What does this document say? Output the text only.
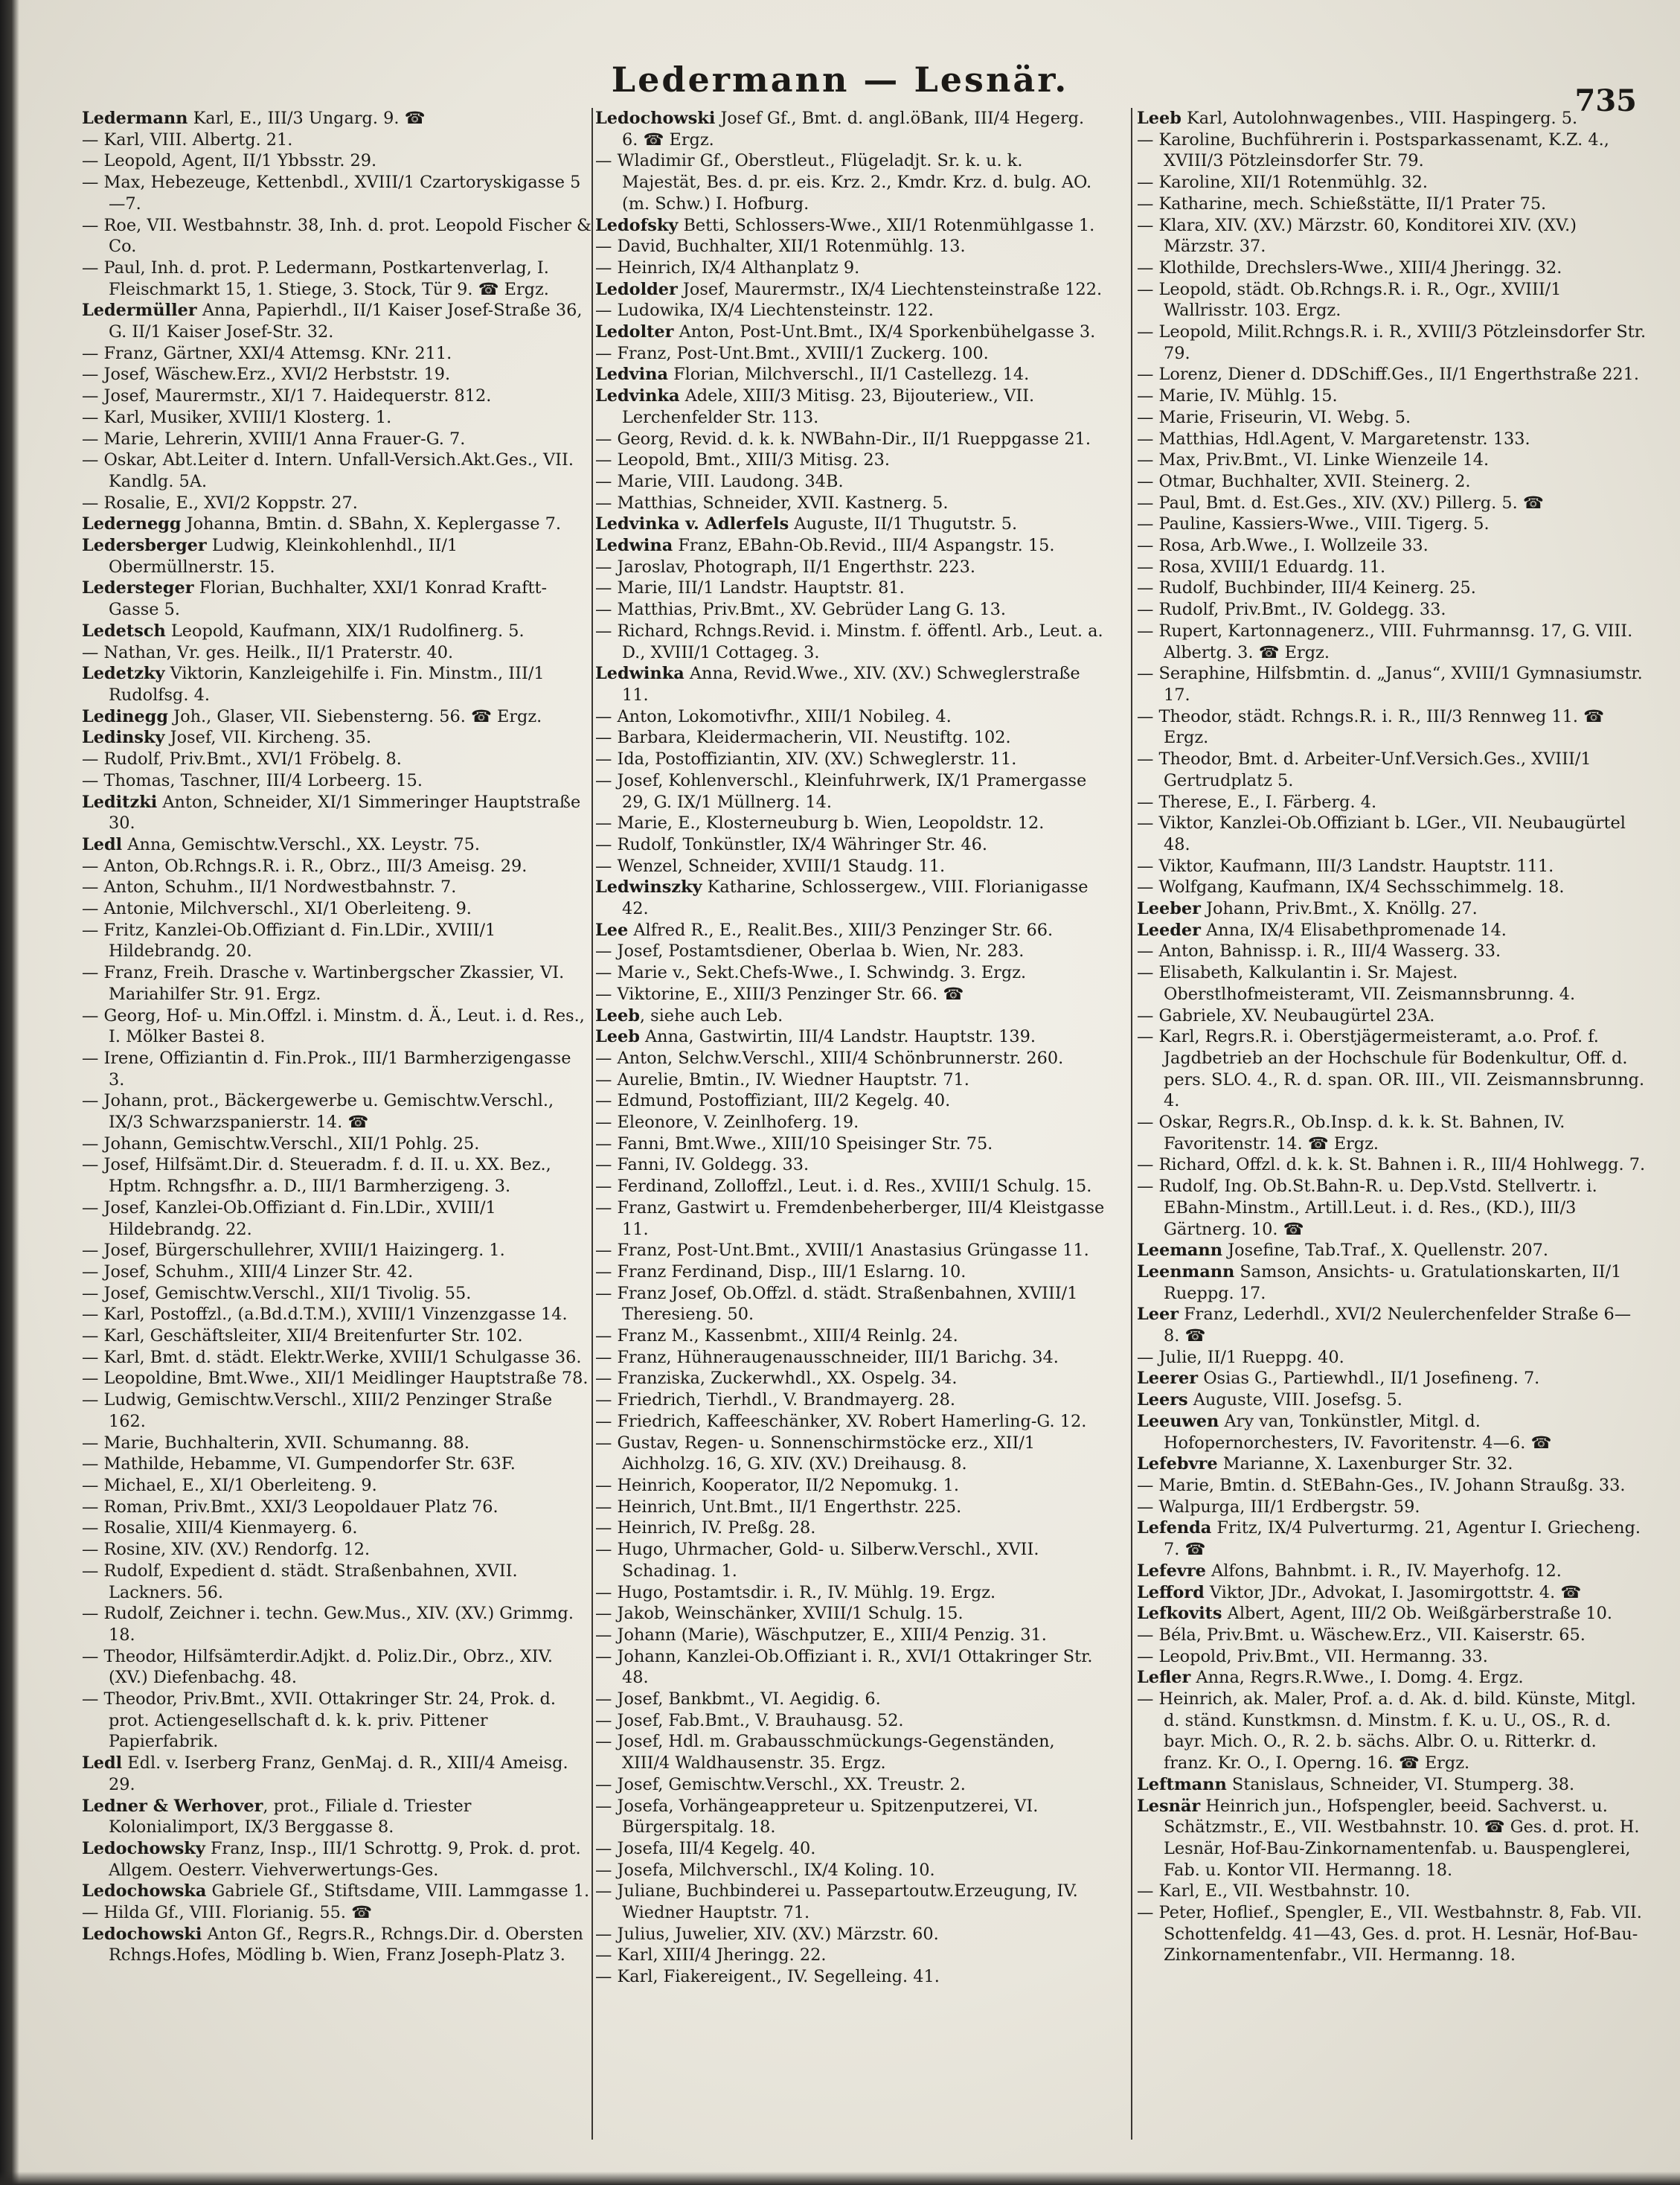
Ledermann — Lesnär.
735
Ledermann Karl, E., III/3 Ungarg. 9. ☎
— Karl, VIII. Albertg. 21.
— Leopold, Agent, II/1 Ybbsstr. 29.
— Max, Hebezeuge, Kettenbdl., XVIII/1 Czartoryskigasse 5—7.
— Roe, VII. Westbahnstr. 38, Inh. d. prot. Leopold Fischer & Co.
— Paul, Inh. d. prot. P. Ledermann, Postkartenverlag, I. Fleischmarkt 15, 1. Stiege, 3. Stock, Tür 9. ☎ Ergz.
Ledermüller Anna, Papierhdl., II/1 Kaiser Josef-Straße 36, G. II/1 Kaiser Josef-Str. 32.
— Franz, Gärtner, XXI/4 Attemsg. KNr. 211.
— Josef, Wäschew.Erz., XVI/2 Herbststr. 19.
— Josef, Maurermstr., XI/1 7. Haidequerstr. 812.
— Karl, Musiker, XVIII/1 Klosterg. 1.
— Marie, Lehrerin, XVIII/1 Anna Frauer-G. 7.
— Oskar, Abt.Leiter d. Intern. Unfall-Versich.Akt.Ges., VII. Kandlg. 5A.
— Rosalie, E., XVI/2 Koppstr. 27.
Ledernegg Johanna, Bmtin. d. SBahn, X. Keplergasse 7.
Ledersberger Ludwig, Kleinkohlenhdl., II/1 Obermüllnerstr. 15.
Ledersteger Florian, Buchhalter, XXI/1 Konrad Kraftt-Gasse 5.
Ledetsch Leopold, Kaufmann, XIX/1 Rudolfinerg. 5.
— Nathan, Vr. ges. Heilk., II/1 Praterstr. 40.
Ledetzky Viktorin, Kanzleigehilfe i. Fin. Minstm., III/1 Rudolfsg. 4.
Ledinegg Joh., Glaser, VII. Siebensterng. 56. ☎ Ergz.
Ledinsky Josef, VII. Kircheng. 35.
— Rudolf, Priv.Bmt., XVI/1 Fröbelg. 8.
— Thomas, Taschner, III/4 Lorbeerg. 15.
Leditzki Anton, Schneider, XI/1 Simmeringer Hauptstraße 30.
Ledl Anna, Gemischtw.Verschl., XX. Leystr. 75.
— Anton, Ob.Rchngs.R. i. R., Obrz., III/3 Ameisg. 29.
— Anton, Schuhm., II/1 Nordwestbahnstr. 7.
— Antonie, Milchverschl., XI/1 Oberleiteng. 9.
— Fritz, Kanzlei-Ob.Offiziant d. Fin.LDir., XVIII/1 Hildebrandg. 20.
— Franz, Freih. Drasche v. Wartinbergscher Zkassier, VI. Mariahilfer Str. 91. Ergz.
— Georg, Hof- u. Min.Offzl. i. Minstm. d. Ä., Leut. i. d. Res., I. Mölker Bastei 8.
— Irene, Offiziantin d. Fin.Prok., III/1 Barmherzigengasse 3.
— Johann, prot., Bäckergewerbe u. Gemischtw.Verschl., IX/3 Schwarzspanierstr. 14. ☎
— Johann, Gemischtw.Verschl., XII/1 Pohlg. 25.
— Josef, Hilfsämt.Dir. d. Steueradm. f. d. II. u. XX. Bez., Hptm. Rchngsfhr. a. D., III/1 Barmherzigeng. 3.
— Josef, Kanzlei-Ob.Offiziant d. Fin.LDir., XVIII/1 Hildebrandg. 22.
— Josef, Bürgerschullehrer, XVIII/1 Haizingerg. 1.
— Josef, Schuhm., XIII/4 Linzer Str. 42.
— Josef, Gemischtw.Verschl., XII/1 Tivolig. 55.
— Karl, Postoffzl., (a.Bd.d.T.M.), XVIII/1 Vinzenzgasse 14.
— Karl, Geschäftsleiter, XII/4 Breitenfurter Str. 102.
— Karl, Bmt. d. städt. Elektr.Werke, XVIII/1 Schulgasse 36.
— Leopoldine, Bmt.Wwe., XII/1 Meidlinger Hauptstraße 78.
— Ludwig, Gemischtw.Verschl., XIII/2 Penzinger Straße 162.
— Marie, Buchhalterin, XVII. Schumanng. 88.
— Mathilde, Hebamme, VI. Gumpendorfer Str. 63F.
— Michael, E., XI/1 Oberleiteng. 9.
— Roman, Priv.Bmt., XXI/3 Leopoldauer Platz 76.
— Rosalie, XIII/4 Kienmayerg. 6.
— Rosine, XIV. (XV.) Rendorfg. 12.
— Rudolf, Expedient d. städt. Straßenbahnen, XVII. Lackners. 56.
— Rudolf, Zeichner i. techn. Gew.Mus., XIV. (XV.) Grimmg. 18.
— Theodor, Hilfsämterdir.Adjkt. d. Poliz.Dir., Obrz., XIV. (XV.) Diefenbachg. 48.
— Theodor, Priv.Bmt., XVII. Ottakringer Str. 24, Prok. d. prot. Actiengesellschaft d. k. k. priv. Pittener Papierfabrik.
Ledl Edl. v. Iserberg Franz, GenMaj. d. R., XIII/4 Ameisg. 29.
Ledner & Werhover, prot., Filiale d. Triester Kolonialimport, IX/3 Berggasse 8.
Ledochowsky Franz, Insp., III/1 Schrottg. 9, Prok. d. prot. Allgem. Oesterr. Viehverwertungs-Ges.
Ledochowska Gabriele Gf., Stiftsdame, VIII. Lammgasse 1.
— Hilda Gf., VIII. Florianig. 55. ☎
Ledochowski Anton Gf., Regrs.R., Rchngs.Dir. d. Obersten Rchngs.Hofes, Mödling b. Wien, Franz Joseph-Platz 3.
Ledochowski Josef Gf., Bmt. d. angl.öBank, III/4 Hegerg. 6. ☎ Ergz.
— Wladimir Gf., Oberstleut., Flügeladjt. Sr. k. u. k. Majestät, Bes. d. pr. eis. Krz. 2., Kmdr. Krz. d. bulg. AO. (m. Schw.) I. Hofburg.
Ledofsky Betti, Schlossers-Wwe., XII/1 Rotenmühlgasse 1.
— David, Buchhalter, XII/1 Rotenmühlg. 13.
— Heinrich, IX/4 Althanplatz 9.
Ledolder Josef, Maurermstr., IX/4 Liechtensteinstraße 122.
— Ludowika, IX/4 Liechtensteinstr. 122.
Ledolter Anton, Post-Unt.Bmt., IX/4 Sporkenbühelgasse 3.
— Franz, Post-Unt.Bmt., XVIII/1 Zuckerg. 100.
Ledvina Florian, Milchverschl., II/1 Castellezg. 14.
Ledvinka Adele, XIII/3 Mitisg. 23, Bijouteriew., VII. Lerchenfelder Str. 113.
— Georg, Revid. d. k. k. NWBahn-Dir., II/1 Rueppgasse 21.
— Leopold, Bmt., XIII/3 Mitisg. 23.
— Marie, VIII. Laudong. 34B.
— Matthias, Schneider, XVII. Kastnerg. 5.
Ledvinka v. Adlerfels Auguste, II/1 Thugutstr. 5.
Ledwina Franz, EBahn-Ob.Revid., III/4 Aspangstr. 15.
— Jaroslav, Photograph, II/1 Engerthstr. 223.
— Marie, III/1 Landstr. Hauptstr. 81.
— Matthias, Priv.Bmt., XV. Gebrüder Lang G. 13.
— Richard, Rchngs.Revid. i. Minstm. f. öffentl. Arb., Leut. a. D., XVIII/1 Cottageg. 3.
Ledwinka Anna, Revid.Wwe., XIV. (XV.) Schweglerstraße 11.
— Anton, Lokomotivfhr., XIII/1 Nobileg. 4.
— Barbara, Kleidermacherin, VII. Neustiftg. 102.
— Ida, Postoffiziantin, XIV. (XV.) Schweglerstr. 11.
— Josef, Kohlenverschl., Kleinfuhrwerk, IX/1 Pramergasse 29, G. IX/1 Müllnerg. 14.
— Marie, E., Klosterneuburg b. Wien, Leopoldstr. 12.
— Rudolf, Tonkünstler, IX/4 Währinger Str. 46.
— Wenzel, Schneider, XVIII/1 Staudg. 11.
Ledwinszky Katharine, Schlossergew., VIII. Florianigasse 42.
Lee Alfred R., E., Realit.Bes., XIII/3 Penzinger Str. 66.
— Josef, Postamtsdiener, Oberlaa b. Wien, Nr. 283.
— Marie v., Sekt.Chefs-Wwe., I. Schwindg. 3. Ergz.
— Viktorine, E., XIII/3 Penzinger Str. 66. ☎
Leeb, siehe auch Leb.
Leeb Anna, Gastwirtin, III/4 Landstr. Hauptstr. 139.
— Anton, Selchw.Verschl., XIII/4 Schönbrunnerstr. 260.
— Aurelie, Bmtin., IV. Wiedner Hauptstr. 71.
— Edmund, Postoffiziant, III/2 Kegelg. 40.
— Eleonore, V. Zeinlhoferg. 19.
— Fanni, Bmt.Wwe., XIII/10 Speisinger Str. 75.
— Fanni, IV. Goldegg. 33.
— Ferdinand, Zolloffzl., Leut. i. d. Res., XVIII/1 Schulg. 15.
— Franz, Gastwirt u. Fremdenbeherberger, III/4 Kleistgasse 11.
— Franz, Post-Unt.Bmt., XVIII/1 Anastasius Grüngasse 11.
— Franz Ferdinand, Disp., III/1 Eslarng. 10.
— Franz Josef, Ob.Offzl. d. städt. Straßenbahnen, XVIII/1 Theresieng. 50.
— Franz M., Kassenbmt., XIII/4 Reinlg. 24.
— Franz, Hühneraugenausschneider, III/1 Barichg. 34.
— Franziska, Zuckerwhdl., XX. Ospelg. 34.
— Friedrich, Tierhdl., V. Brandmayerg. 28.
— Friedrich, Kaffeeschänker, XV. Robert Hamerling-G. 12.
— Gustav, Regen- u. Sonnenschirmstöcke erz., XII/1 Aichholzg. 16, G. XIV. (XV.) Dreihausg. 8.
— Heinrich, Kooperator, II/2 Nepomukg. 1.
— Heinrich, Unt.Bmt., II/1 Engerthstr. 225.
— Heinrich, IV. Preßg. 28.
— Hugo, Uhrmacher, Gold- u. Silberw.Verschl., XVII. Schadinag. 1.
— Hugo, Postamtsdir. i. R., IV. Mühlg. 19. Ergz.
— Jakob, Weinschänker, XVIII/1 Schulg. 15.
— Johann (Marie), Wäschputzer, E., XIII/4 Penzig. 31.
— Johann, Kanzlei-Ob.Offiziant i. R., XVI/1 Ottakringer Str. 48.
— Josef, Bankbmt., VI. Aegidig. 6.
— Josef, Fab.Bmt., V. Brauhausg. 52.
— Josef, Hdl. m. Grabausschmückungs-Gegenständen, XIII/4 Waldhausenstr. 35. Ergz.
— Josef, Gemischtw.Verschl., XX. Treustr. 2.
— Josefa, Vorhängeappreteur u. Spitzenputzerei, VI. Bürgerspitalg. 18.
— Josefa, III/4 Kegelg. 40.
— Josefa, Milchverschl., IX/4 Koling. 10.
— Juliane, Buchbinderei u. Passepartoutw.Erzeugung, IV. Wiedner Hauptstr. 71.
— Julius, Juwelier, XIV. (XV.) Märzstr. 60.
— Karl, XIII/4 Jheringg. 22.
— Karl, Fiakereigent., IV. Segelleing. 41.
Leeb Karl, Autolohnwagenbes., VIII. Haspingerg. 5.
— Karoline, Buchführerin i. Postsparkassenamt, K.Z. 4., XVIII/3 Pötzleinsdorfer Str. 79.
— Karoline, XII/1 Rotenmühlg. 32.
— Katharine, mech. Schießstätte, II/1 Prater 75.
— Klara, XIV. (XV.) Märzstr. 60, Konditorei XIV. (XV.) Märzstr. 37.
— Klothilde, Drechslers-Wwe., XIII/4 Jheringg. 32.
— Leopold, städt. Ob.Rchngs.R. i. R., Ogr., XVIII/1 Wallrisstr. 103. Ergz.
— Leopold, Milit.Rchngs.R. i. R., XVIII/3 Pötzleinsdorfer Str. 79.
— Lorenz, Diener d. DDSchiff.Ges., II/1 Engerthstraße 221.
— Marie, IV. Mühlg. 15.
— Marie, Friseurin, VI. Webg. 5.
— Matthias, Hdl.Agent, V. Margaretenstr. 133.
— Max, Priv.Bmt., VI. Linke Wienzeile 14.
— Otmar, Buchhalter, XVII. Steinerg. 2.
— Paul, Bmt. d. Est.Ges., XIV. (XV.) Pillerg. 5. ☎
— Pauline, Kassiers-Wwe., VIII. Tigerg. 5.
— Rosa, Arb.Wwe., I. Wollzeile 33.
— Rosa, XVIII/1 Eduardg. 11.
— Rudolf, Buchbinder, III/4 Keinerg. 25.
— Rudolf, Priv.Bmt., IV. Goldegg. 33.
— Rupert, Kartonnagenerz., VIII. Fuhrmannsg. 17, G. VIII. Albertg. 3. ☎ Ergz.
— Seraphine, Hilfsbmtin. d. „Janus“, XVIII/1 Gymnasiumstr. 17.
— Theodor, städt. Rchngs.R. i. R., III/3 Rennweg 11. ☎ Ergz.
— Theodor, Bmt. d. Arbeiter-Unf.Versich.Ges., XVIII/1 Gertrudplatz 5.
— Therese, E., I. Färberg. 4.
— Viktor, Kanzlei-Ob.Offiziant b. LGer., VII. Neubaugürtel 48.
— Viktor, Kaufmann, III/3 Landstr. Hauptstr. 111.
— Wolfgang, Kaufmann, IX/4 Sechsschimmelg. 18.
Leeber Johann, Priv.Bmt., X. Knöllg. 27.
Leeder Anna, IX/4 Elisabethpromenade 14.
— Anton, Bahnissp. i. R., III/4 Wasserg. 33.
— Elisabeth, Kalkulantin i. Sr. Majest. Oberstlhofmeisteramt, VII. Zeismannsbrunng. 4.
— Gabriele, XV. Neubaugürtel 23A.
— Karl, Regrs.R. i. Oberstjägermeisteramt, a.o. Prof. f. Jagdbetrieb an der Hochschule für Bodenkultur, Off. d. pers. SLO. 4., R. d. span. OR. III., VII. Zeismannsbrunng. 4.
— Oskar, Regrs.R., Ob.Insp. d. k. k. St. Bahnen, IV. Favoritenstr. 14. ☎ Ergz.
— Richard, Offzl. d. k. k. St. Bahnen i. R., III/4 Hohlwegg. 7.
— Rudolf, Ing. Ob.St.Bahn-R. u. Dep.Vstd. Stellvertr. i. EBahn-Minstm., Artill.Leut. i. d. Res., (KD.), III/3 Gärtnerg. 10. ☎
Leemann Josefine, Tab.Traf., X. Quellenstr. 207.
Leenmann Samson, Ansichts- u. Gratulationskarten, II/1 Rueppg. 17.
Leer Franz, Lederhdl., XVI/2 Neulerchenfelder Straße 6—8. ☎
— Julie, II/1 Rueppg. 40.
Leerer Osias G., Partiewhdl., II/1 Josefineng. 7.
Leers Auguste, VIII. Josefsg. 5.
Leeuwen Ary van, Tonkünstler, Mitgl. d. Hofopernorchesters, IV. Favoritenstr. 4—6. ☎
Lefebvre Marianne, X. Laxenburger Str. 32.
— Marie, Bmtin. d. StEBahn-Ges., IV. Johann Straußg. 33.
— Walpurga, III/1 Erdbergstr. 59.
Lefenda Fritz, IX/4 Pulverturmg. 21, Agentur I. Griecheng. 7. ☎
Lefevre Alfons, Bahnbmt. i. R., IV. Mayerhofg. 12.
Lefford Viktor, JDr., Advokat, I. Jasomirgottstr. 4. ☎
Lefkovits Albert, Agent, III/2 Ob. Weißgärberstraße 10.
— Béla, Priv.Bmt. u. Wäschew.Erz., VII. Kaiserstr. 65.
— Leopold, Priv.Bmt., VII. Hermanng. 33.
Lefler Anna, Regrs.R.Wwe., I. Domg. 4. Ergz.
— Heinrich, ak. Maler, Prof. a. d. Ak. d. bild. Künste, Mitgl. d. ständ. Kunstkmsn. d. Minstm. f. K. u. U., OS., R. d. bayr. Mich. O., R. 2. b. sächs. Albr. O. u. Ritterkr. d. franz. Kr. O., I. Operng. 16. ☎ Ergz.
Leftmann Stanislaus, Schneider, VI. Stumperg. 38.
Lesnär Heinrich jun., Hofspengler, beeid. Sachverst. u. Schätzmstr., E., VII. Westbahnstr. 10. ☎ Ges. d. prot. H. Lesnär, Hof-Bau-Zinkornamentenfab. u. Bauspenglerei, Fab. u. Kontor VII. Hermanng. 18.
— Karl, E., VII. Westbahnstr. 10.
— Peter, Hoflief., Spengler, E., VII. Westbahnstr. 8, Fab. VII. Schottenfeldg. 41—43, Ges. d. prot. H. Lesnär, Hof-Bau-Zinkornamentenfabr., VII. Hermanng. 18.
